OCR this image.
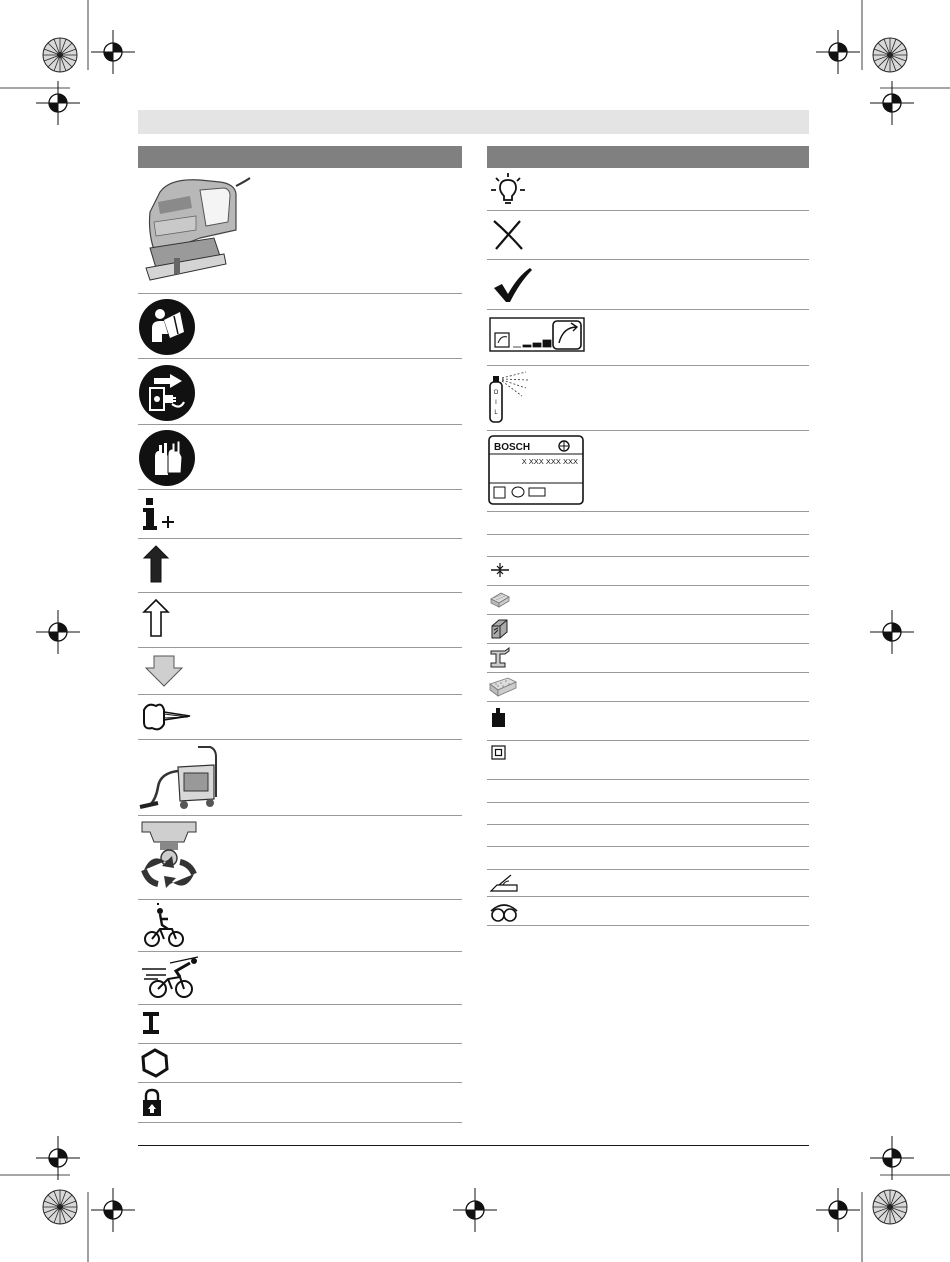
O
I
L
BOSCH
X XXX XXX XXX
